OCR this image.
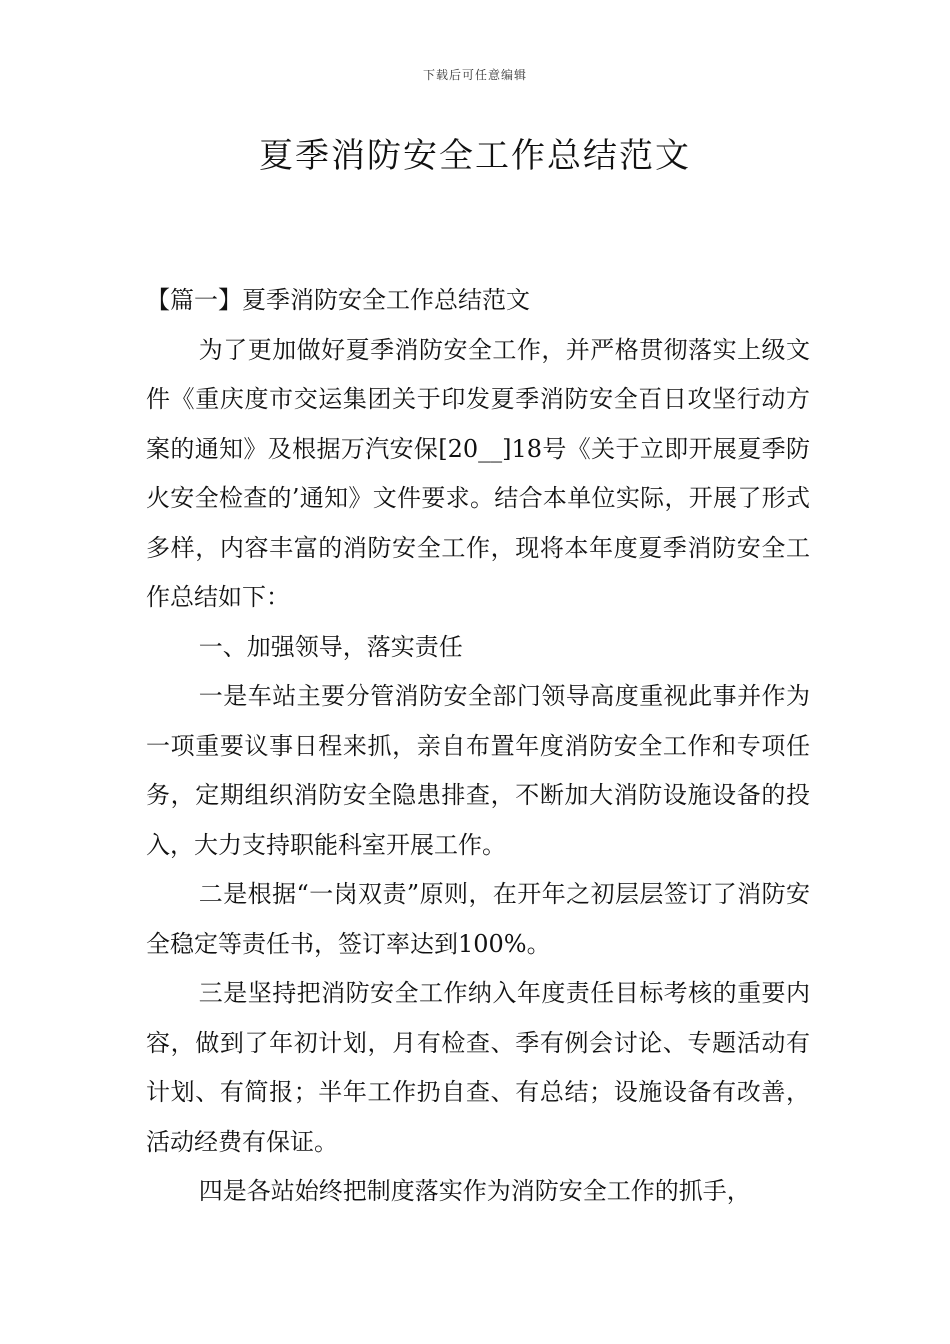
下载后可任意编辑
夏季消防安全工作总结范文

【篇一】夏季消防安全工作总结范文

为了更加做好夏季消防安全工作，并严格贯彻落实上级文件《重庆度市交运集团关于印发夏季消防安全百日攻坚行动方案的通知》及根据万汽安保[20__]18号《关于立即开展夏季防火安全检查的’通知》文件要求。结合本单位实际，开展了形式多样，内容丰富的消防安全工作，现将本年度夏季消防安全工作总结如下：

一、加强领导，落实责任

一是车站主要分管消防安全部门领导高度重视此事并作为一项重要议事日程来抓，亲自布置年度消防安全工作和专项任务，定期组织消防安全隐患排查，不断加大消防设施设备的投入，大力支持职能科室开展工作。

二是根据“一岗双责”原则，在开年之初层层签订了消防安全稳定等责任书，签订率达到100%。

三是坚持把消防安全工作纳入年度责任目标考核的重要内容，做到了年初计划，月有检查、季有例会讨论、专题活动有计划、有简报；半年工作扔自查、有总结；设施设备有改善，活动经费有保证。

四是各站始终把制度落实作为消防安全工作的抓手，
